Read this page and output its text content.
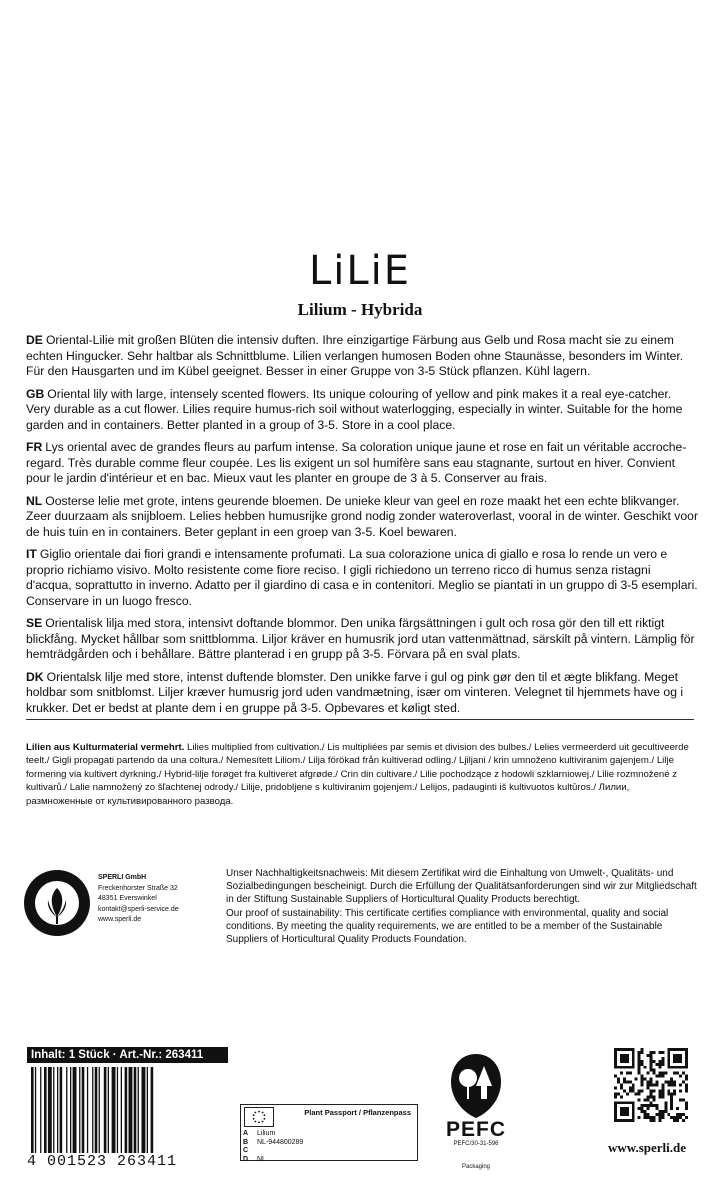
LiLiE
Lilium - Hybrida

DE Oriental-Lilie mit großen Blüten die intensiv duften. Ihre einzigartige Färbung aus Gelb und Rosa macht sie zu einem echten Hingucker. Sehr haltbar als Schnittblume. Lilien verlangen humosen Boden ohne Staunässe, besonders im Winter. Für den Hausgarten und im Kübel geeignet. Besser in einer Gruppe von 3-5 Stück pflanzen. Kühl lagern.

GB Oriental lily with large, intensely scented flowers. Its unique colouring of yellow and pink makes it a real eye-catcher. Very durable as a cut flower. Lilies require humus-rich soil without waterlogging, especially in winter. Suitable for the home garden and in containers. Better planted in a group of 3-5. Store in a cool place.

FR Lys oriental avec de grandes fleurs au parfum intense. Sa coloration unique jaune et rose en fait un véritable accroche-regard. Très durable comme fleur coupée. Les lis exigent un sol humifère sans eau stagnante, surtout en hiver. Convient pour le jardin d'intérieur et en bac. Mieux vaut les planter en groupe de 3 à 5. Conserver au frais.

NL Oosterse lelie met grote, intens geurende bloemen. De unieke kleur van geel en roze maakt het een echte blikvanger. Zeer duurzaam als snijbloem. Lelies hebben humusrijke grond nodig zonder wateroverlast, vooral in de winter. Geschikt voor de huis tuin en in containers. Beter geplant in een groep van 3-5. Koel bewaren.

IT Giglio orientale dai fiori grandi e intensamente profumati. La sua colorazione unica di giallo e rosa lo rende un vero e proprio richiamo visivo. Molto resistente come fiore reciso. I gigli richiedono un terreno ricco di humus senza ristagni d'acqua, soprattutto in inverno. Adatto per il giardino di casa e in contenitori. Meglio se piantati in un gruppo di 3-5 esemplari. Conservare in un luogo fresco.

SE Orientalisk lilja med stora, intensivt doftande blommor. Den unika färgsättningen i gult och rosa gör den till ett riktigt blickfång. Mycket hållbar som snittblomma. Liljor kräver en humusrik jord utan vattenmättnad, särskilt på vintern. Lämplig för hemträdgården och i behållare. Bättre planterad i en grupp på 3-5. Förvara på en sval plats.

DK Orientalsk lilje med store, intenst duftende blomster. Den unikke farve i gul og pink gør den til et ægte blikfang. Meget holdbar som snitblomst. Liljer kræver humusrig jord uden vandmætning, især om vinteren. Velegnet til hjemmets have og i krukker. Det er bedst at plante dem i en gruppe på 3-5. Opbevares et køligt sted.

Lilien aus Kulturmaterial vermehrt. Lilies multiplied from cultivation./ Lis multipliées par semis et division des bulbes./ Lelies vermeerderd uit gecultiveerde teelt./ Gigli propagati partendo da una coltura./ Nemesített Liliom./ Lilja förökad från kultiverad odling./ Ljiljani / krin umnoženo kultiviranim gajenjem./ Lilje formering via kultivert dyrkning./ Hybrid-lilje forøget fra kultiveret afgrøde./ Crin din cultivare./ Lilie pochodzące z hodowli szklarniowej./ Lilie rozmnožené z kultivarů./ Lalie namnožený zo šľachtenej odrody./ Lilije, pridobljene s kultiviranim gojenjem./ Lelijos, padauginti iš kultivuotos kultūros./ Лилии, размноженные от культивированного развода.
SPERLI GmbH
Freckenhorster Straße 32
48351 Everswinkel
kontakt@sperli-service.de
www.sperli.de

Unser Nachhaltigkeitsnachweis: Mit diesem Zertifikat wird die Einhaltung von Umwelt-, Qualitäts- und Sozialbedingungen bescheinigt. Durch die Erfüllung der Qualitätsanforderungen sind wir zur Mitgliedschaft in der Stiftung Sustainable Suppliers of Horticultural Quality Products berechtigt.

Our proof of sustainability: This certificate certifies compliance with environmental, quality and social conditions. By meeting the quality requirements, we are entitled to be a member of the Sustainable Suppliers of Horticultural Quality Products Foundation.

Inhalt: 1 Stück · Art.-Nr.: 263411
4 001523 263411
Plant Passport / Pflanzenpass
A	Lilium
B	NL-944800289
C
D	NL
PEFC
PEFC/30-31-596
Packaging
www.sperli.de
